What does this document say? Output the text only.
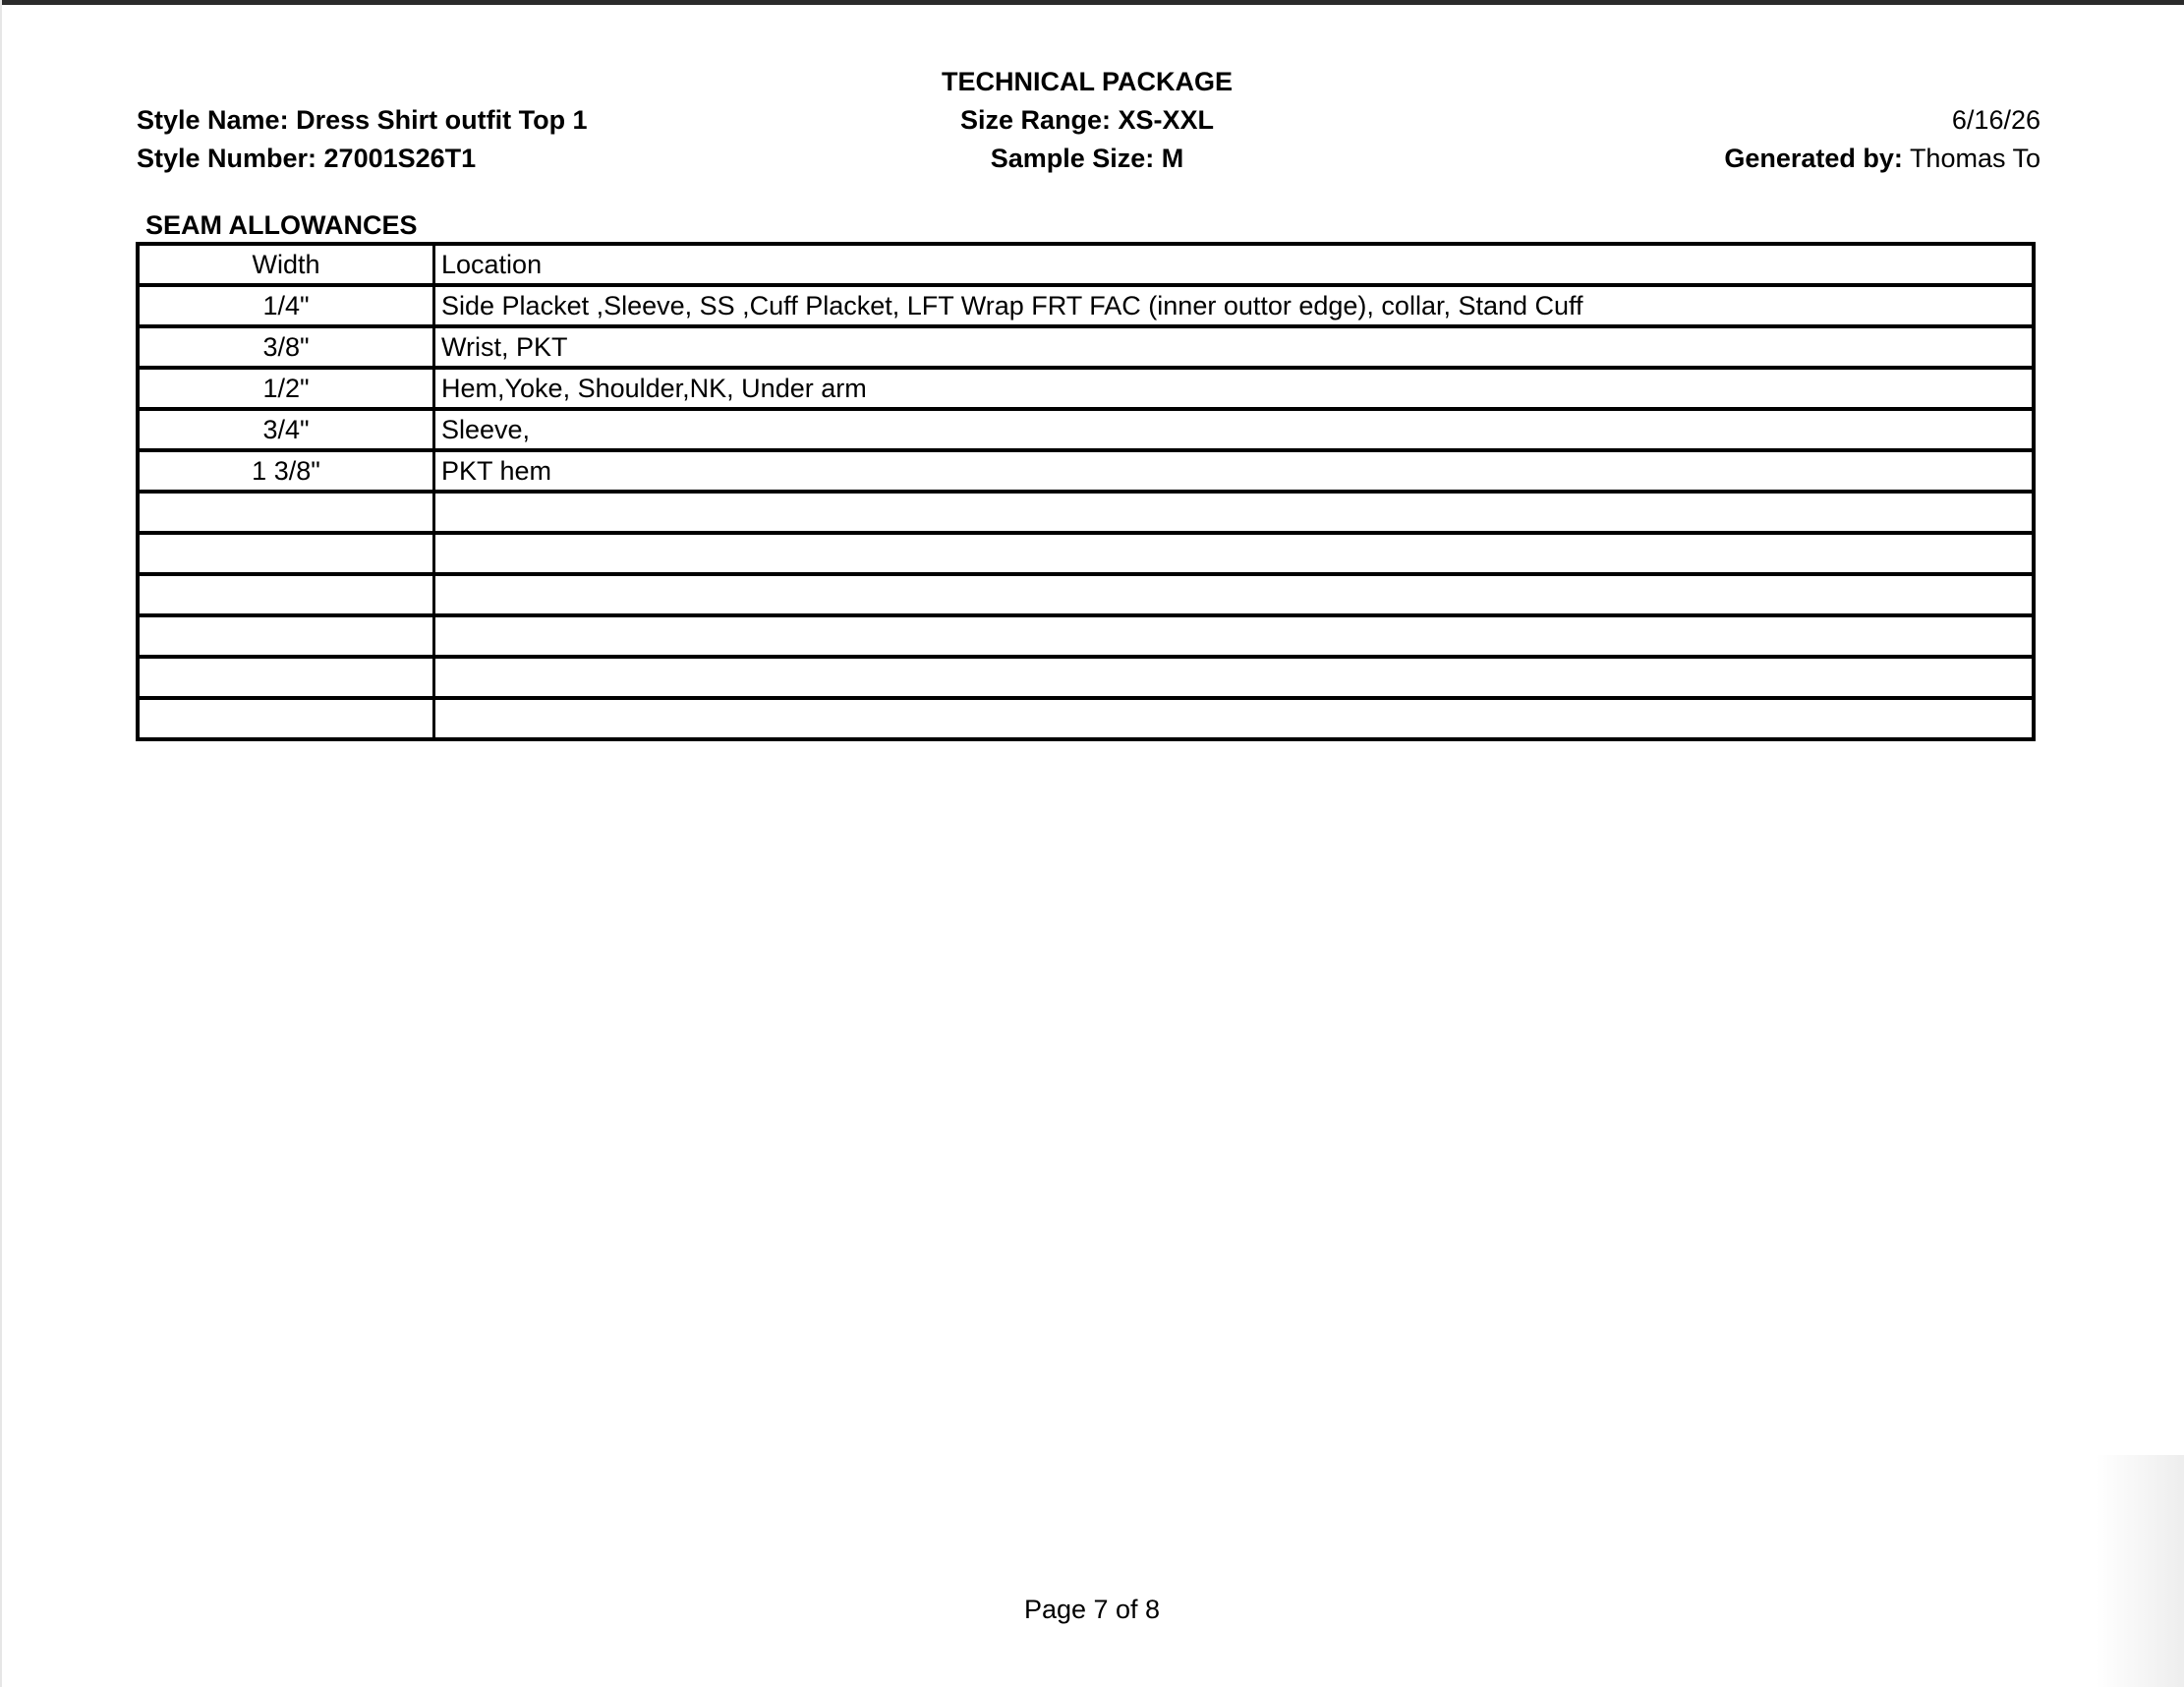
Style Name: Dress Shirt outfit Top 1
Style Number: 27001S26T1
TECHNICAL PACKAGE
Size Range: XS-XXL
Sample Size: M
6/16/26
Generated by: Thomas To
SEAM ALLOWANCES
Width	Location
1/4"	Side Placket ,Sleeve, SS ,Cuff Placket, LFT Wrap FRT FAC (inner outtor edge), collar, Stand Cuff
3/8"	Wrist, PKT
1/2"	Hem,Yoke, Shoulder,NK, Under arm
3/4"	Sleeve,
1 3/8"	PKT hem

Page 7 of 8
